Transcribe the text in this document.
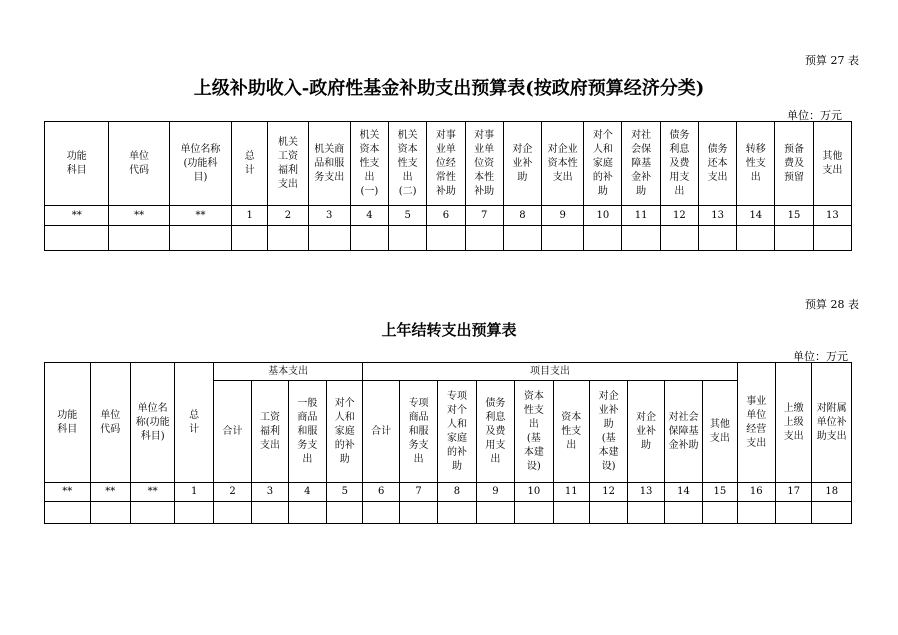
预算 27 表
上级补助收入-政府性基金补助支出预算表(按政府预算经济分类)
单位：万元
功能科目	单位代码	单位名称(功能科目)	总计	机关工资福利支出	机关商品和服务支出	机关资本性支出(一)	机关资本性支出(二)	对事业单位经常性补助	对事业单位资本性补助	对企业补助	对企业资本性支出	对个人和家庭的补助	对社会保障基金补助	债务利息及费用支出	债务还本支出	转移性支出	预备费及预留	其他支出
**	**	**	1	2	3	4	5	6	7	8	9	10	11	12	13	14	15	13

预算 28 表
上年结转支出预算表
单位：万元
功能科目	单位代码	单位名称(功能科目)	总计	基本支出				项目支出										事业单位经营支出	上缴上级支出	对附属单位补助支出
				合计	工资福利支出	一般商品和服务支出	对个人和家庭的补助	合计	专项商品和服务支出	专项对个人和家庭的补助	债务利息及费用支出	资本性支出(基本建设)	资本性支出	对企业补助(基本建设)	对企业补助	对社会保障基金补助	其他支出			
**	**	**	1	2	3	4	5	6	7	8	9	10	11	12	13	14	15	16	17	18
